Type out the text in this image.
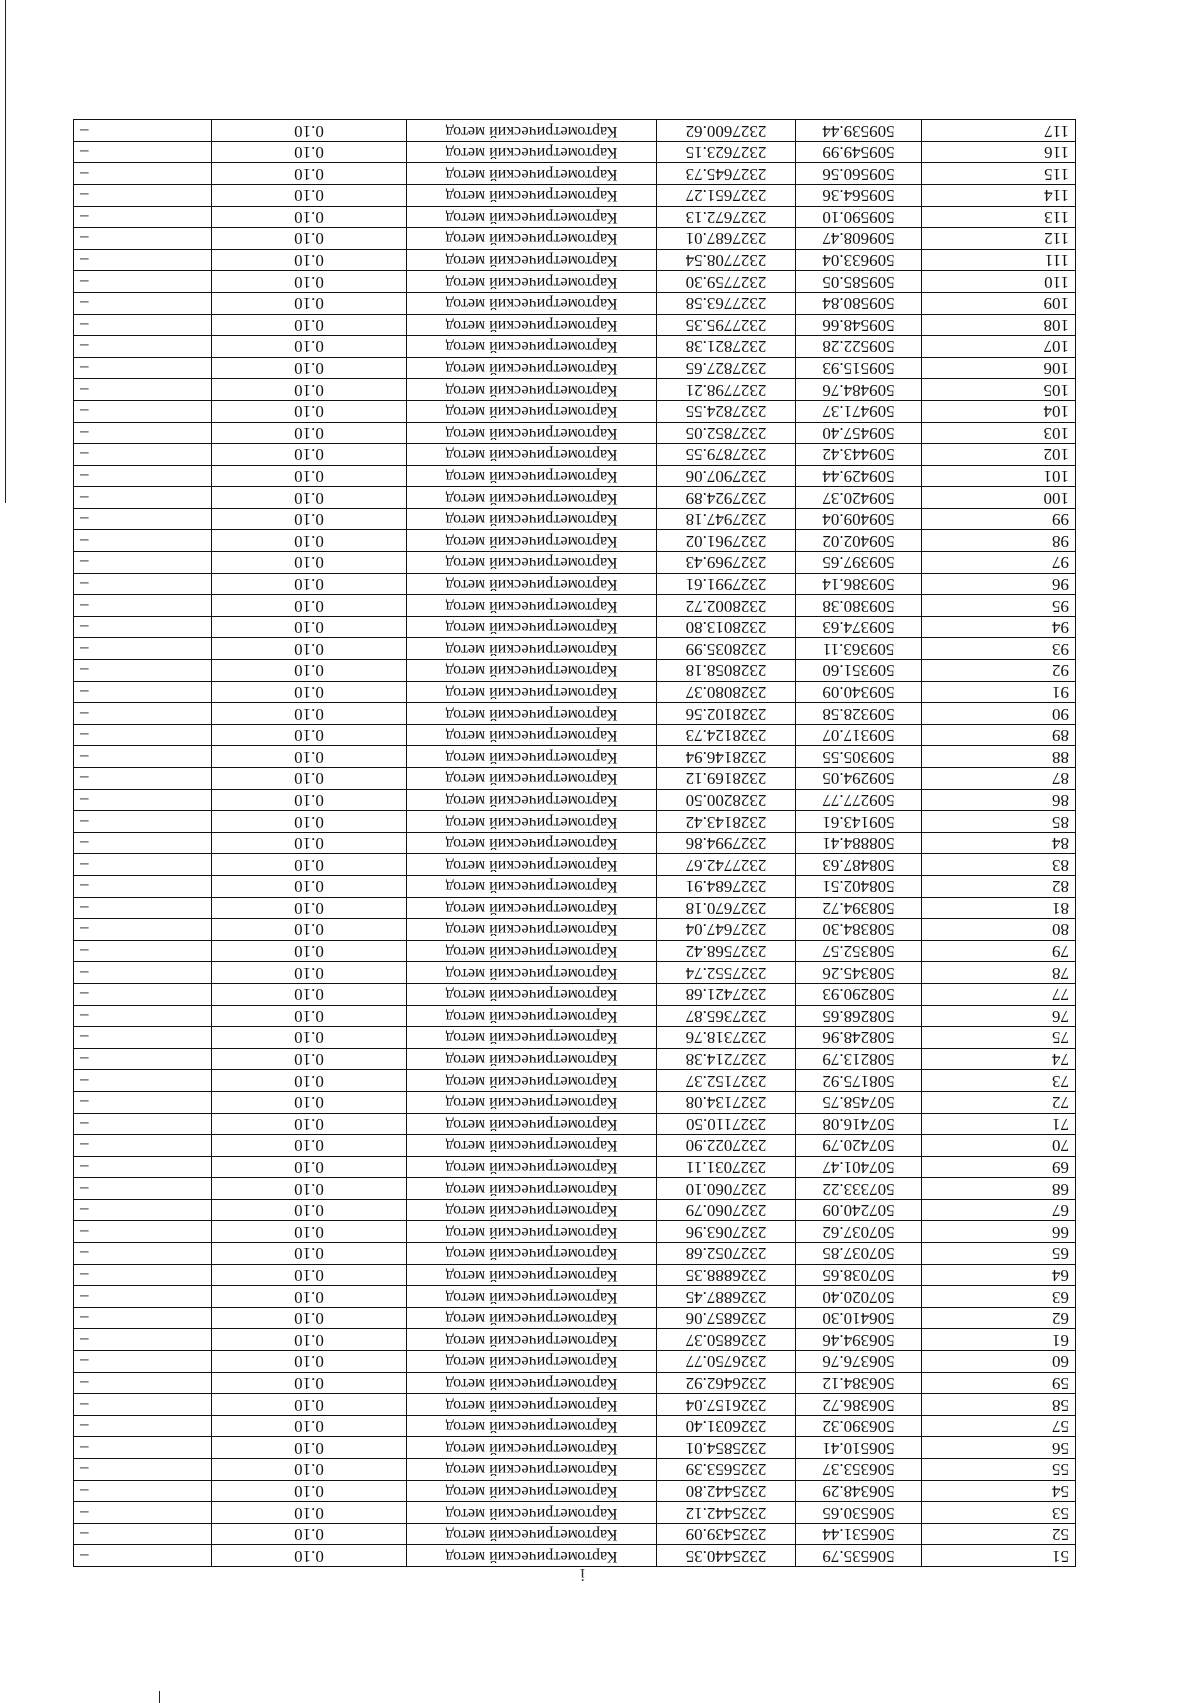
51	506535.79	2325440.35	Картометрический метод	0.10	–
52	506531.44	2325439.09	Картометрический метод	0.10	–
53	506530.65	2325442.12	Картометрический метод	0.10	–
54	506348.29	2325442.80	Картометрический метод	0.10	–
55	506353.37	2325653.39	Картометрический метод	0.10	–
56	506510.41	2325854.01	Картометрический метод	0.10	–
57	506390.32	2326031.40	Картометрический метод	0.10	–
58	506386.72	2326157.04	Картометрический метод	0.10	–
59	506384.12	2326462.92	Картометрический метод	0.10	–
60	506376.76	2326750.77	Картометрический метод	0.10	–
61	506394.46	2326850.37	Картометрический метод	0.10	–
62	506410.30	2326857.06	Картометрический метод	0.10	–
63	507020.40	2326887.45	Картометрический метод	0.10	–
64	507038.65	2326888.35	Картометрический метод	0.10	–
65	507037.85	2327052.68	Картометрический метод	0.10	–
66	507037.62	2327063.96	Картометрический метод	0.10	–
67	507240.09	2327060.79	Картометрический метод	0.10	–
68	507333.22	2327060.10	Картометрический метод	0.10	–
69	507401.47	2327031.11	Картометрический метод	0.10	–
70	507420.79	2327022.90	Картометрический метод	0.10	–
71	507416.08	2327110.50	Картометрический метод	0.10	–
72	507458.75	2327134.08	Картометрический метод	0.10	–
73	508175.92	2327152.37	Картометрический метод	0.10	–
74	508213.79	2327214.38	Картометрический метод	0.10	–
75	508248.96	2327318.76	Картометрический метод	0.10	–
76	508268.65	2327365.87	Картометрический метод	0.10	–
77	508290.93	2327421.68	Картометрический метод	0.10	–
78	508345.26	2327552.74	Картометрический метод	0.10	–
79	508352.57	2327568.42	Картометрический метод	0.10	–
80	508384.30	2327647.04	Картометрический метод	0.10	–
81	508394.72	2327670.18	Картометрический метод	0.10	–
82	508402.51	2327684.91	Картометрический метод	0.10	–
83	508487.63	2327742.67	Картометрический метод	0.10	–
84	508884.41	2327994.86	Картометрический метод	0.10	–
85	509143.61	2328143.42	Картометрический метод	0.10	–
86	509277.77	2328200.50	Картометрический метод	0.10	–
87	509294.05	2328169.12	Картометрический метод	0.10	–
88	509305.55	2328146.94	Картометрический метод	0.10	–
89	509317.07	2328124.73	Картометрический метод	0.10	–
90	509328.58	2328102.56	Картометрический метод	0.10	–
91	509340.09	2328080.37	Картометрический метод	0.10	–
92	509351.60	2328058.18	Картометрический метод	0.10	–
93	509363.11	2328035.99	Картометрический метод	0.10	–
94	509374.63	2328013.80	Картометрический метод	0.10	–
95	509380.38	2328002.72	Картометрический метод	0.10	–
96	509386.14	2327991.61	Картометрический метод	0.10	–
97	509397.65	2327969.43	Картометрический метод	0.10	–
98	509402.02	2327961.02	Картометрический метод	0.10	–
99	509409.04	2327947.18	Картометрический метод	0.10	–
100	509420.37	2327924.89	Картометрический метод	0.10	–
101	509429.44	2327907.06	Картометрический метод	0.10	–
102	509443.42	2327879.55	Картометрический метод	0.10	–
103	509457.40	2327852.05	Картометрический метод	0.10	–
104	509471.37	2327824.55	Картометрический метод	0.10	–
105	509484.76	2327798.21	Картометрический метод	0.10	–
106	509515.93	2327827.65	Картометрический метод	0.10	–
107	509522.28	2327821.38	Картометрический метод	0.10	–
108	509548.66	2327795.35	Картометрический метод	0.10	–
109	509580.84	2327763.58	Картометрический метод	0.10	–
110	509585.05	2327759.30	Картометрический метод	0.10	–
111	509633.04	2327708.54	Картометрический метод	0.10	–
112	509608.47	2327687.01	Картометрический метод	0.10	–
113	509590.10	2327672.13	Картометрический метод	0.10	–
114	509564.36	2327651.27	Картометрический метод	0.10	–
115	509560.56	2327645.73	Картометрический метод	0.10	–
116	509549.99	2327623.15	Картометрический метод	0.10	–
117	509539.44	2327600.62	Картометрический метод	0.10	–
i
